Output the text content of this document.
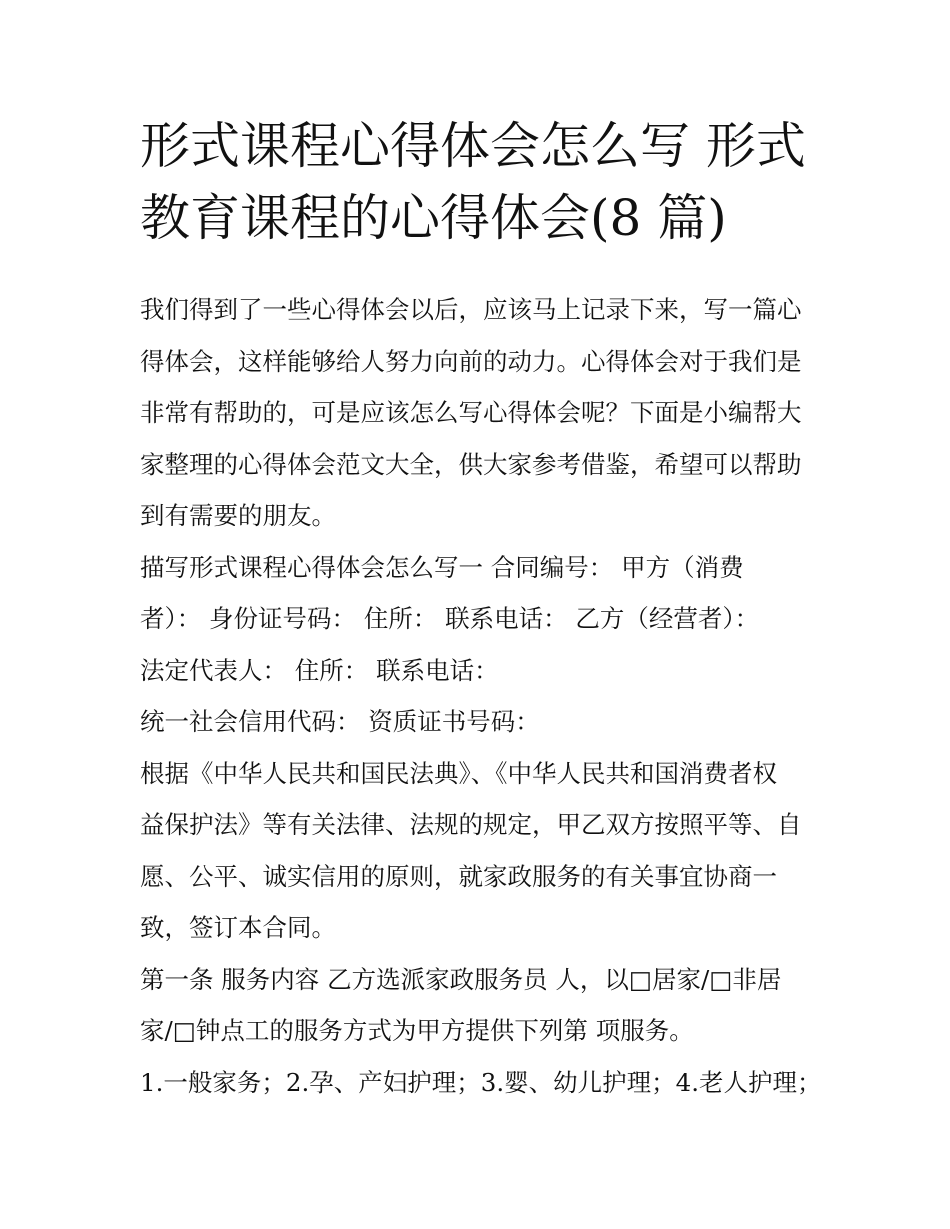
形式课程心得体会怎么写 形式
教育课程的心得体会(8 篇)

我们得到了一些心得体会以后，应该马上记录下来，写一篇心
得体会，这样能够给人努力向前的动力。心得体会对于我们是
非常有帮助的，可是应该怎么写心得体会呢？下面是小编帮大
家整理的心得体会范文大全，供大家参考借鉴，希望可以帮助
到有需要的朋友。

描写形式课程心得体会怎么写一 合同编号： 甲方（消费
者）： 身份证号码： 住所： 联系电话： 乙方（经营者）：
法定代表人： 住所： 联系电话：

统一社会信用代码： 资质证书号码：

根据《中华人民共和国民法典》、《中华人民共和国消费者权
益保护法》等有关法律、法规的规定，甲乙双方按照平等、自
愿、公平、诚实信用的原则，就家政服务的有关事宜协商一
致，签订本合同。

第一条 服务内容 乙方选派家政服务员 人，以□居家/□非居
家/□钟点工的服务方式为甲方提供下列第 项服务。

1.一般家务；2.孕、产妇护理；3.婴、幼儿护理；4.老人护理；
